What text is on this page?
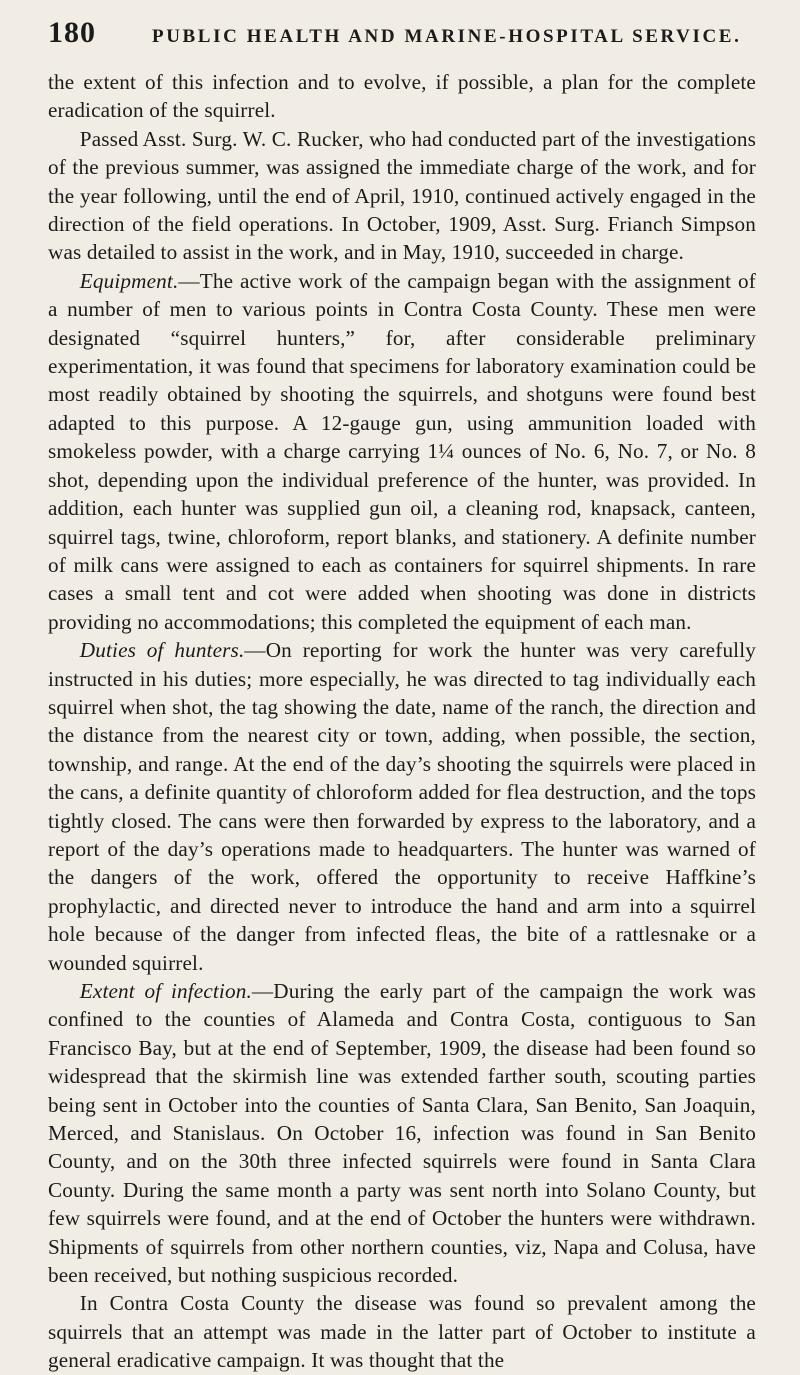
180	PUBLIC HEALTH AND MARINE-HOSPITAL SERVICE.

the extent of this infection and to evolve, if possible, a plan for the complete eradication of the squirrel.

Passed Asst. Surg. W. C. Rucker, who had conducted part of the investigations of the previous summer, was assigned the immediate charge of the work, and for the year following, until the end of April, 1910, continued actively engaged in the direction of the field operations. In October, 1909, Asst. Surg. Frianch Simpson was detailed to assist in the work, and in May, 1910, succeeded in charge.

Equipment.—The active work of the campaign began with the assignment of a number of men to various points in Contra Costa County. These men were designated “squirrel hunters,” for, after considerable preliminary experimentation, it was found that specimens for laboratory examination could be most readily obtained by shooting the squirrels, and shotguns were found best adapted to this purpose. A 12-gauge gun, using ammunition loaded with smokeless powder, with a charge carrying 1¼ ounces of No. 6, No. 7, or No. 8 shot, depending upon the individual preference of the hunter, was provided. In addition, each hunter was supplied gun oil, a cleaning rod, knapsack, canteen, squirrel tags, twine, chloroform, report blanks, and stationery. A definite number of milk cans were assigned to each as containers for squirrel shipments. In rare cases a small tent and cot were added when shooting was done in districts providing no accommodations; this completed the equipment of each man.

Duties of hunters.—On reporting for work the hunter was very carefully instructed in his duties; more especially, he was directed to tag individually each squirrel when shot, the tag showing the date, name of the ranch, the direction and the distance from the nearest city or town, adding, when possible, the section, township, and range. At the end of the day’s shooting the squirrels were placed in the cans, a definite quantity of chloroform added for flea destruction, and the tops tightly closed. The cans were then forwarded by express to the laboratory, and a report of the day’s operations made to headquarters. The hunter was warned of the dangers of the work, offered the opportunity to receive Haffkine’s prophylactic, and directed never to introduce the hand and arm into a squirrel hole because of the danger from infected fleas, the bite of a rattlesnake or a wounded squirrel.

Extent of infection.—During the early part of the campaign the work was confined to the counties of Alameda and Contra Costa, contiguous to San Francisco Bay, but at the end of September, 1909, the disease had been found so widespread that the skirmish line was extended farther south, scouting parties being sent in October into the counties of Santa Clara, San Benito, San Joaquin, Merced, and Stanislaus. On October 16, infection was found in San Benito County, and on the 30th three infected squirrels were found in Santa Clara County. During the same month a party was sent north into Solano County, but few squirrels were found, and at the end of October the hunters were withdrawn. Shipments of squirrels from other northern counties, viz, Napa and Colusa, have been received, but nothing suspicious recorded.

In Contra Costa County the disease was found so prevalent among the squirrels that an attempt was made in the latter part of October to institute a general eradicative campaign. It was thought that the
